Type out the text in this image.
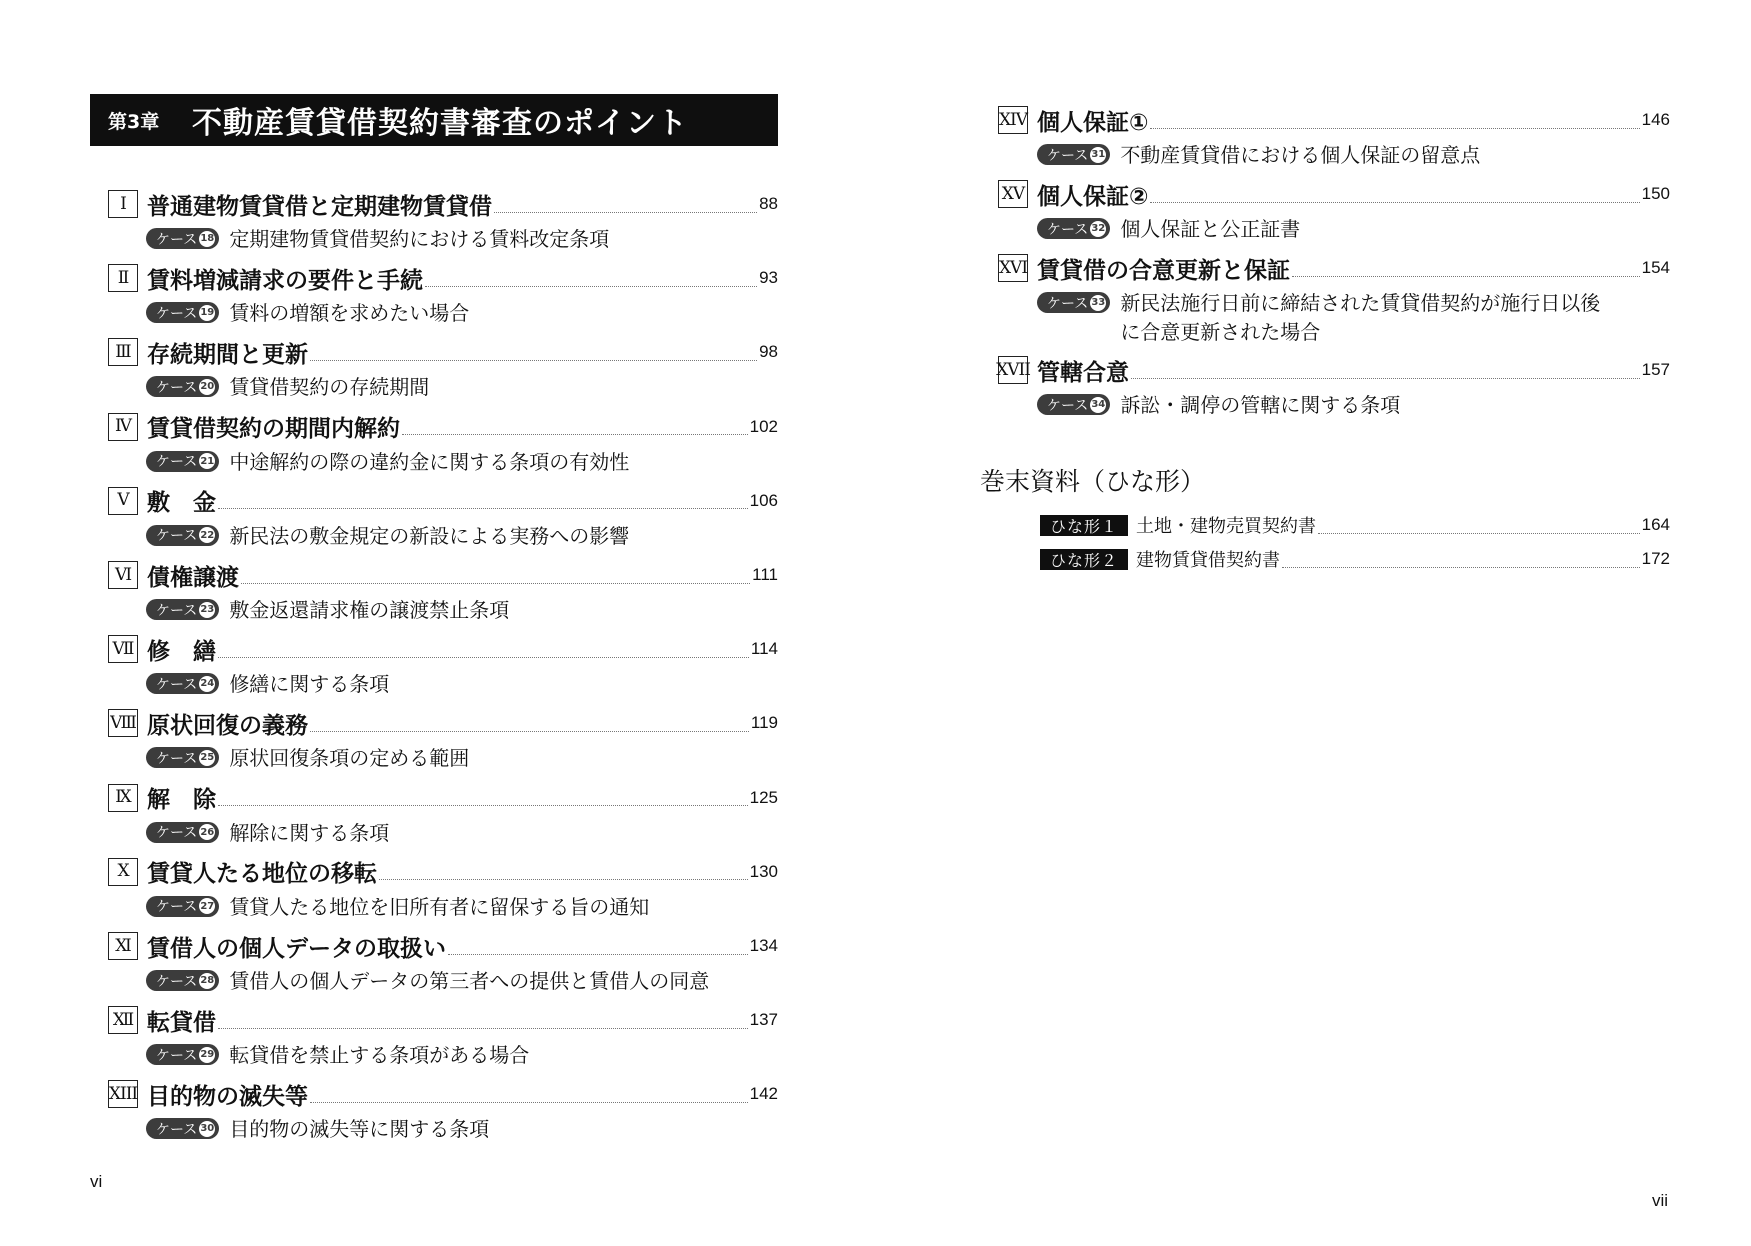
第3章	不動産賃貸借契約書審査のポイント
Ⅰ 普通建物賃貸借と定期建物賃貸借	88
ケース 18 定期建物賃貸借契約における賃料改定条項
Ⅱ 賃料増減請求の要件と手続	93
ケース 19 賃料の増額を求めたい場合
Ⅲ 存続期間と更新	98
ケース 20 賃貸借契約の存続期間
Ⅳ 賃貸借契約の期間内解約	102
ケース 21 中途解約の際の違約金に関する条項の有効性
Ⅴ 敷　金	106
ケース 22 新民法の敷金規定の新設による実務への影響
Ⅵ 債権譲渡	111
ケース 23 敷金返還請求権の譲渡禁止条項
Ⅶ 修　繕	114
ケース 24 修繕に関する条項
Ⅷ 原状回復の義務	119
ケース 25 原状回復条項の定める範囲
Ⅸ 解　除	125
ケース 26 解除に関する条項
Ⅹ 賃貸人たる地位の移転	130
ケース 27 賃貸人たる地位を旧所有者に留保する旨の通知
Ⅺ 賃借人の個人データの取扱い	134
ケース 28 賃借人の個人データの第三者への提供と賃借人の同意
Ⅻ 転貸借	137
ケース 29 転貸借を禁止する条項がある場合
XIII 目的物の滅失等	142
ケース 30 目的物の滅失等に関する条項
XIV 個人保証①	146
ケース 31 不動産賃貸借における個人保証の留意点
XV 個人保証②	150
ケース 32 個人保証と公正証書
XVI 賃貸借の合意更新と保証	154
ケース 33 新民法施行日前に締結された賃貸借契約が施行日以後
に合意更新された場合
XVII 管轄合意	157
ケース 34 訴訟・調停の管轄に関する条項
巻末資料（ひな形）
ひな形１	土地・建物売買契約書	164
ひな形２	建物賃貸借契約書	172
vi
vii
